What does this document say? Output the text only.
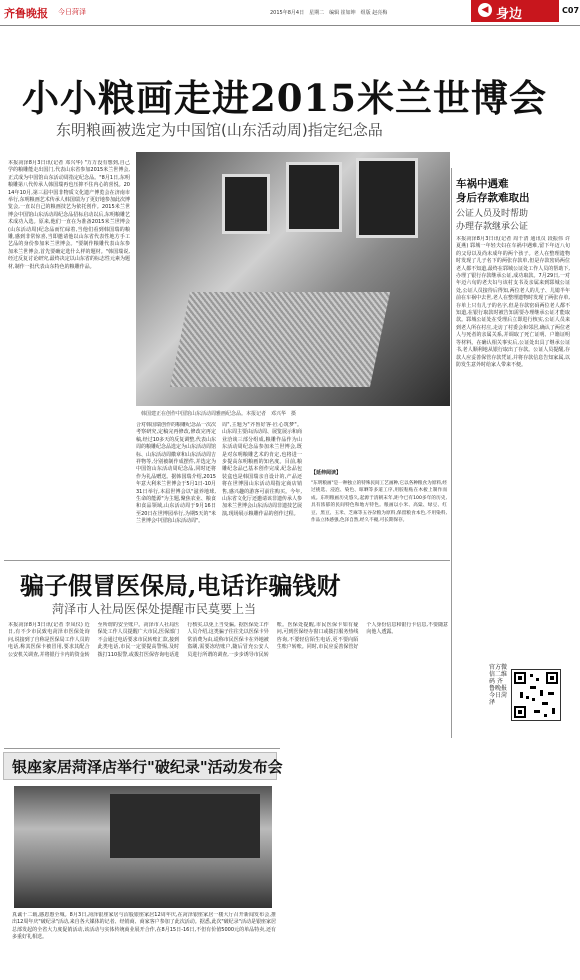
齐鲁晚报 今日菏泽	2015年8月4日　星期二　编辑 崔如坤　组版 赵亮梅	◀ 身边	C07
小小粮画走进2015米兰世博会
东明粮画被选定为中国馆(山东活动周)指定纪念品
本报菏泽8月3日讯(记者 邓兴华) "万万没有想到,自己学的粮雕能走出国门,代表山东省参加2015米兰世博会,正式成为中国馆山东活动周指定纪念品。"8月1日,东明粮雕第八代传承人韩国瑞再也压抑不住内心的喜悦。2014年10月,第三届中国非物质文化遗产博览会在济南市举行,东明粮画艺术传承人韩国瑞为了更好地参加此次博览会,一直以自己的粮画技艺为依托创作。2015米兰世博会中国馆山东活动周纪念品招标启动以后,东明粮雕艺术成功入选。原来,他们一直在为准备2015米兰世博会(山东活动周)纪念品而忙碌着,当他们看到韩国瑞的粮雕,感到非常惊喜,当即邀请他以山东省代表性地方手工艺品的身份参加米兰世博会。"要制作粮雕代表山东参加米兰世博会,首先要确定选什么样的题材。"韩国瑞说,经过反复讨论研究,最终决定以山东省的标志性元素为题材,制作一批代表山东特色的粮雕作品。
韩国建正在创作中国馆山东活动周雅画纪念品。本报记者　邓兴华　摄
合对韩国瑞创作的粮雕纪念品一次次考察研究,定稿完再修改,修改完再定稿,经过10多天的反复调整,代表山东周的粮雕纪念品选定为山东活动周馆标、山东活动周徽章和山东活动周吉祥物等,分别被制作成摆件,并选定为中国馆山东活动周纪念品,同时还将作为礼品赠送。据韩国瑞介绍,2015年意大利米兰世博会于5月1日-10月31日举行,本届世博会以"滋养地球,生命的能源"为主题,聚焦农业、粮食和食品领域,山东活动周于9月16日至20日在世博园举行,为期5天的"米兰世博会中国馆山东活动周"。
周",主题为"齐鲁好客·匠心筑梦"。山东周主要由活动周、展览展示和商业洽谈三部分组成,粮雕作品作为山东活动周纪念品参加米兰世博会,既是对东明粮雕艺术的肯定,也将进一步提高东明粮画的知名度。目前,粮雕纪念品已基本创作完成,纪念品包装盒也是韩国瑞亲自设计的,产品还将在世博园山东活动周指定商店销售,感兴趣的游客可前往购买。今年,山东省文化厅还邀请该非遗传承人参加米兰世博会山东活动周非遗技艺展演,现场展示粮雕作品的创作过程。
【延伸阅读】
"东明粮画"是一种独立的特殊民间工艺画种,它以各种粮食为原料,经过挑选、浸泡、染色、晾晒等多道工序,用胶粘贴在木板上制作而成。东明粮画历史悠久,起源于清朝末年,距今已有100多年的历史,具有浓郁的民间特色和地方特色。粮画以小米、高粱、绿豆、红豆、黑豆、玉米、芝麻等五谷杂粮为原料,保留粮食本色,不用染料,作品立体感强,色泽自然,经久不褪,可长期保存。
车祸中遇难
身后存款难取出
公证人员及时帮助
办理存款继承公证
本报菏泽8月3日讯(记者 周千清 通讯员 段振伟 许夏燕) 郓城一年轻夫妇在车祸中遇难,留下年迈八旬的父母以及尚未成年的两个孩子。老人在整理遗物时发现了儿子名下的两张存款单,但是存款密码两位老人都不知道,最终在郓城公证处工作人员的帮助下,办理了银行存款继承公证,成功取款。7月29日,一对年迈六旬的老夫妇与该村支书及亲属来到郓城公证处,公证人员接待后得知,两位老人的儿子、儿媳半年前在车祸中去世,老人在整理遗物时发现了两张存单,存单上只有儿子的名字,但是存款密码两位老人都不知道,在银行取款时被告知需要办理继承公证才能取款。郓城公证处在受理后立即进行核实,公证人员来到老人所在村庄,走访了村委会和邻居,确认了两位老人与死者的亲属关系,并调取了死亡证明、户籍证明等材料。在确认相关事实后,公证处出具了继承公证书,老人顺利地从银行取出了存款。公证人员提醒,存款人应妥善保管存款凭证,并将存款信息告知家属,以防发生意外时给家人带来不便。
官方微信二维码 齐鲁晚报今日菏泽
骗子假冒医保局,电话诈骗钱财
菏泽市人社局医保处提醒市民莫要上当
本报菏泽8月3日讯(记者 李凤仪) 近日,有不少市民致电菏泽市医保处询问,说接到了自称是医保局工作人员的电话,称其医保卡被冒用,要求其配合公安机关调查,并将银行卡内的资金转至所谓的安全账户。菏泽市人社局医保处工作人员提醒广大市民,医保部门不会通过电话要求市民转账汇款,接到此类电话,市民一定要提高警惕,及时拨打110报警,或拨打医保咨询电话进行核实,以免上当受骗。据医保处工作人员介绍,这类骗子往往先以医保卡异常消费为由,谎称市民医保卡在外地被盗刷,需要冻结账户,随后冒充公安人员进行所谓的调查,一步步诱导市民转账。医保处提醒,市民医保卡如有疑问,可到医保经办窗口或拨打服务热线咨询,不要轻信陌生电话,更不要向陌生账户转账。同时,市民应妥善保管好个人身份信息和银行卡信息,不要随意向他人透露。
银座家居菏泽店举行"破纪录"活动发布会
真诚十二载,感恩惠全城。8月3日,菏泽银座家居与沼股银座家居12周年庆,在菏泽银座家居一楼大厅召开新闻发布会,推出12周年庆"破纪录"活动,来自各大媒体的记者、经销商、商家客户参加了此次活动。据悉,此次"破纪录"活动是银座家居总部发起的全省大力度促销活动,该活动与实体传统商业展开合作,在8月15日-16日,不但有价值5000元的单品特卖,还有多重好礼相送。
